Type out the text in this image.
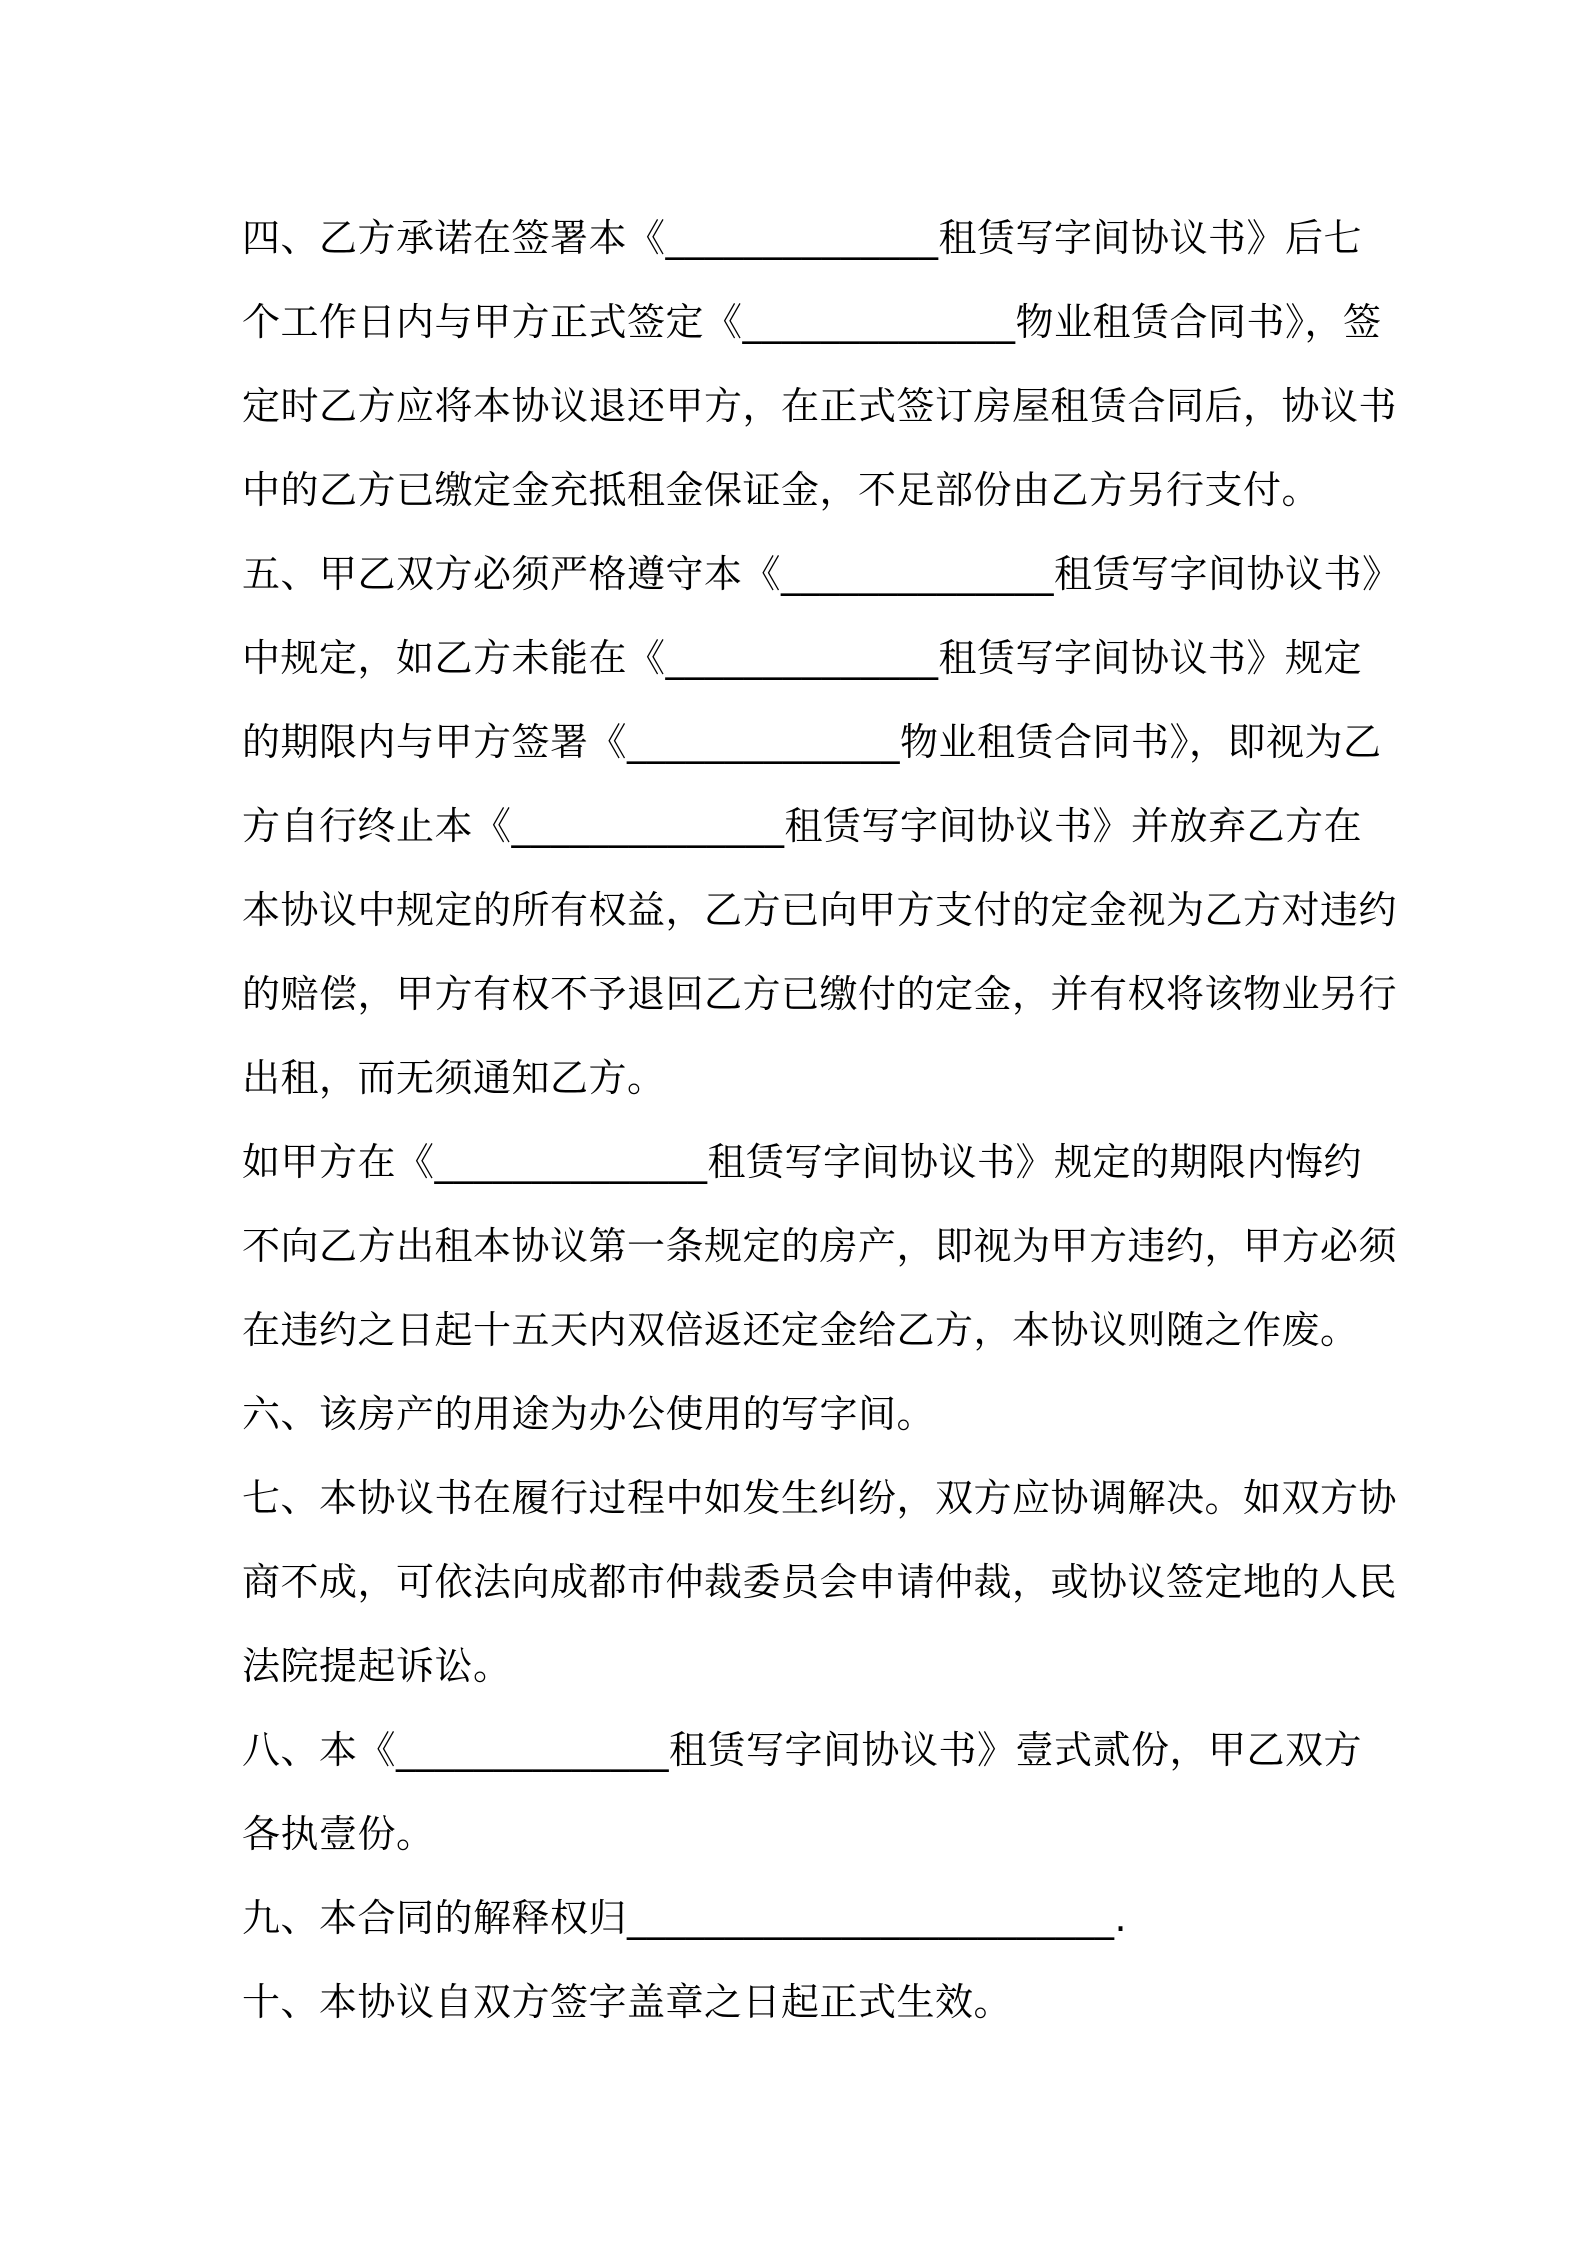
四、乙方承诺在签署本《______________租赁写字间协议书》后七
个工作日内与甲方正式签定《______________物业租赁合同书》，签
定时乙方应将本协议退还甲方，在正式签订房屋租赁合同后，协议书
中的乙方已缴定金充抵租金保证金，不足部份由乙方另行支付。
五、甲乙双方必须严格遵守本《______________租赁写字间协议书》
中规定，如乙方未能在《______________租赁写字间协议书》规定
的期限内与甲方签署《______________物业租赁合同书》，即视为乙
方自行终止本《______________租赁写字间协议书》并放弃乙方在
本协议中规定的所有权益，乙方已向甲方支付的定金视为乙方对违约
的赔偿，甲方有权不予退回乙方已缴付的定金，并有权将该物业另行
出租，而无须通知乙方。
如甲方在《______________租赁写字间协议书》规定的期限内悔约
不向乙方出租本协议第一条规定的房产，即视为甲方违约，甲方必须
在违约之日起十五天内双倍返还定金给乙方，本协议则随之作废。
六、该房产的用途为办公使用的写字间。
七、本协议书在履行过程中如发生纠纷，双方应协调解决。如双方协
商不成，可依法向成都市仲裁委员会申请仲裁，或协议签定地的人民
法院提起诉讼。
八、本《______________租赁写字间协议书》壹式贰份，甲乙双方
各执壹份。
九、本合同的解释权归_________________________.
十、本协议自双方签字盖章之日起正式生效。
